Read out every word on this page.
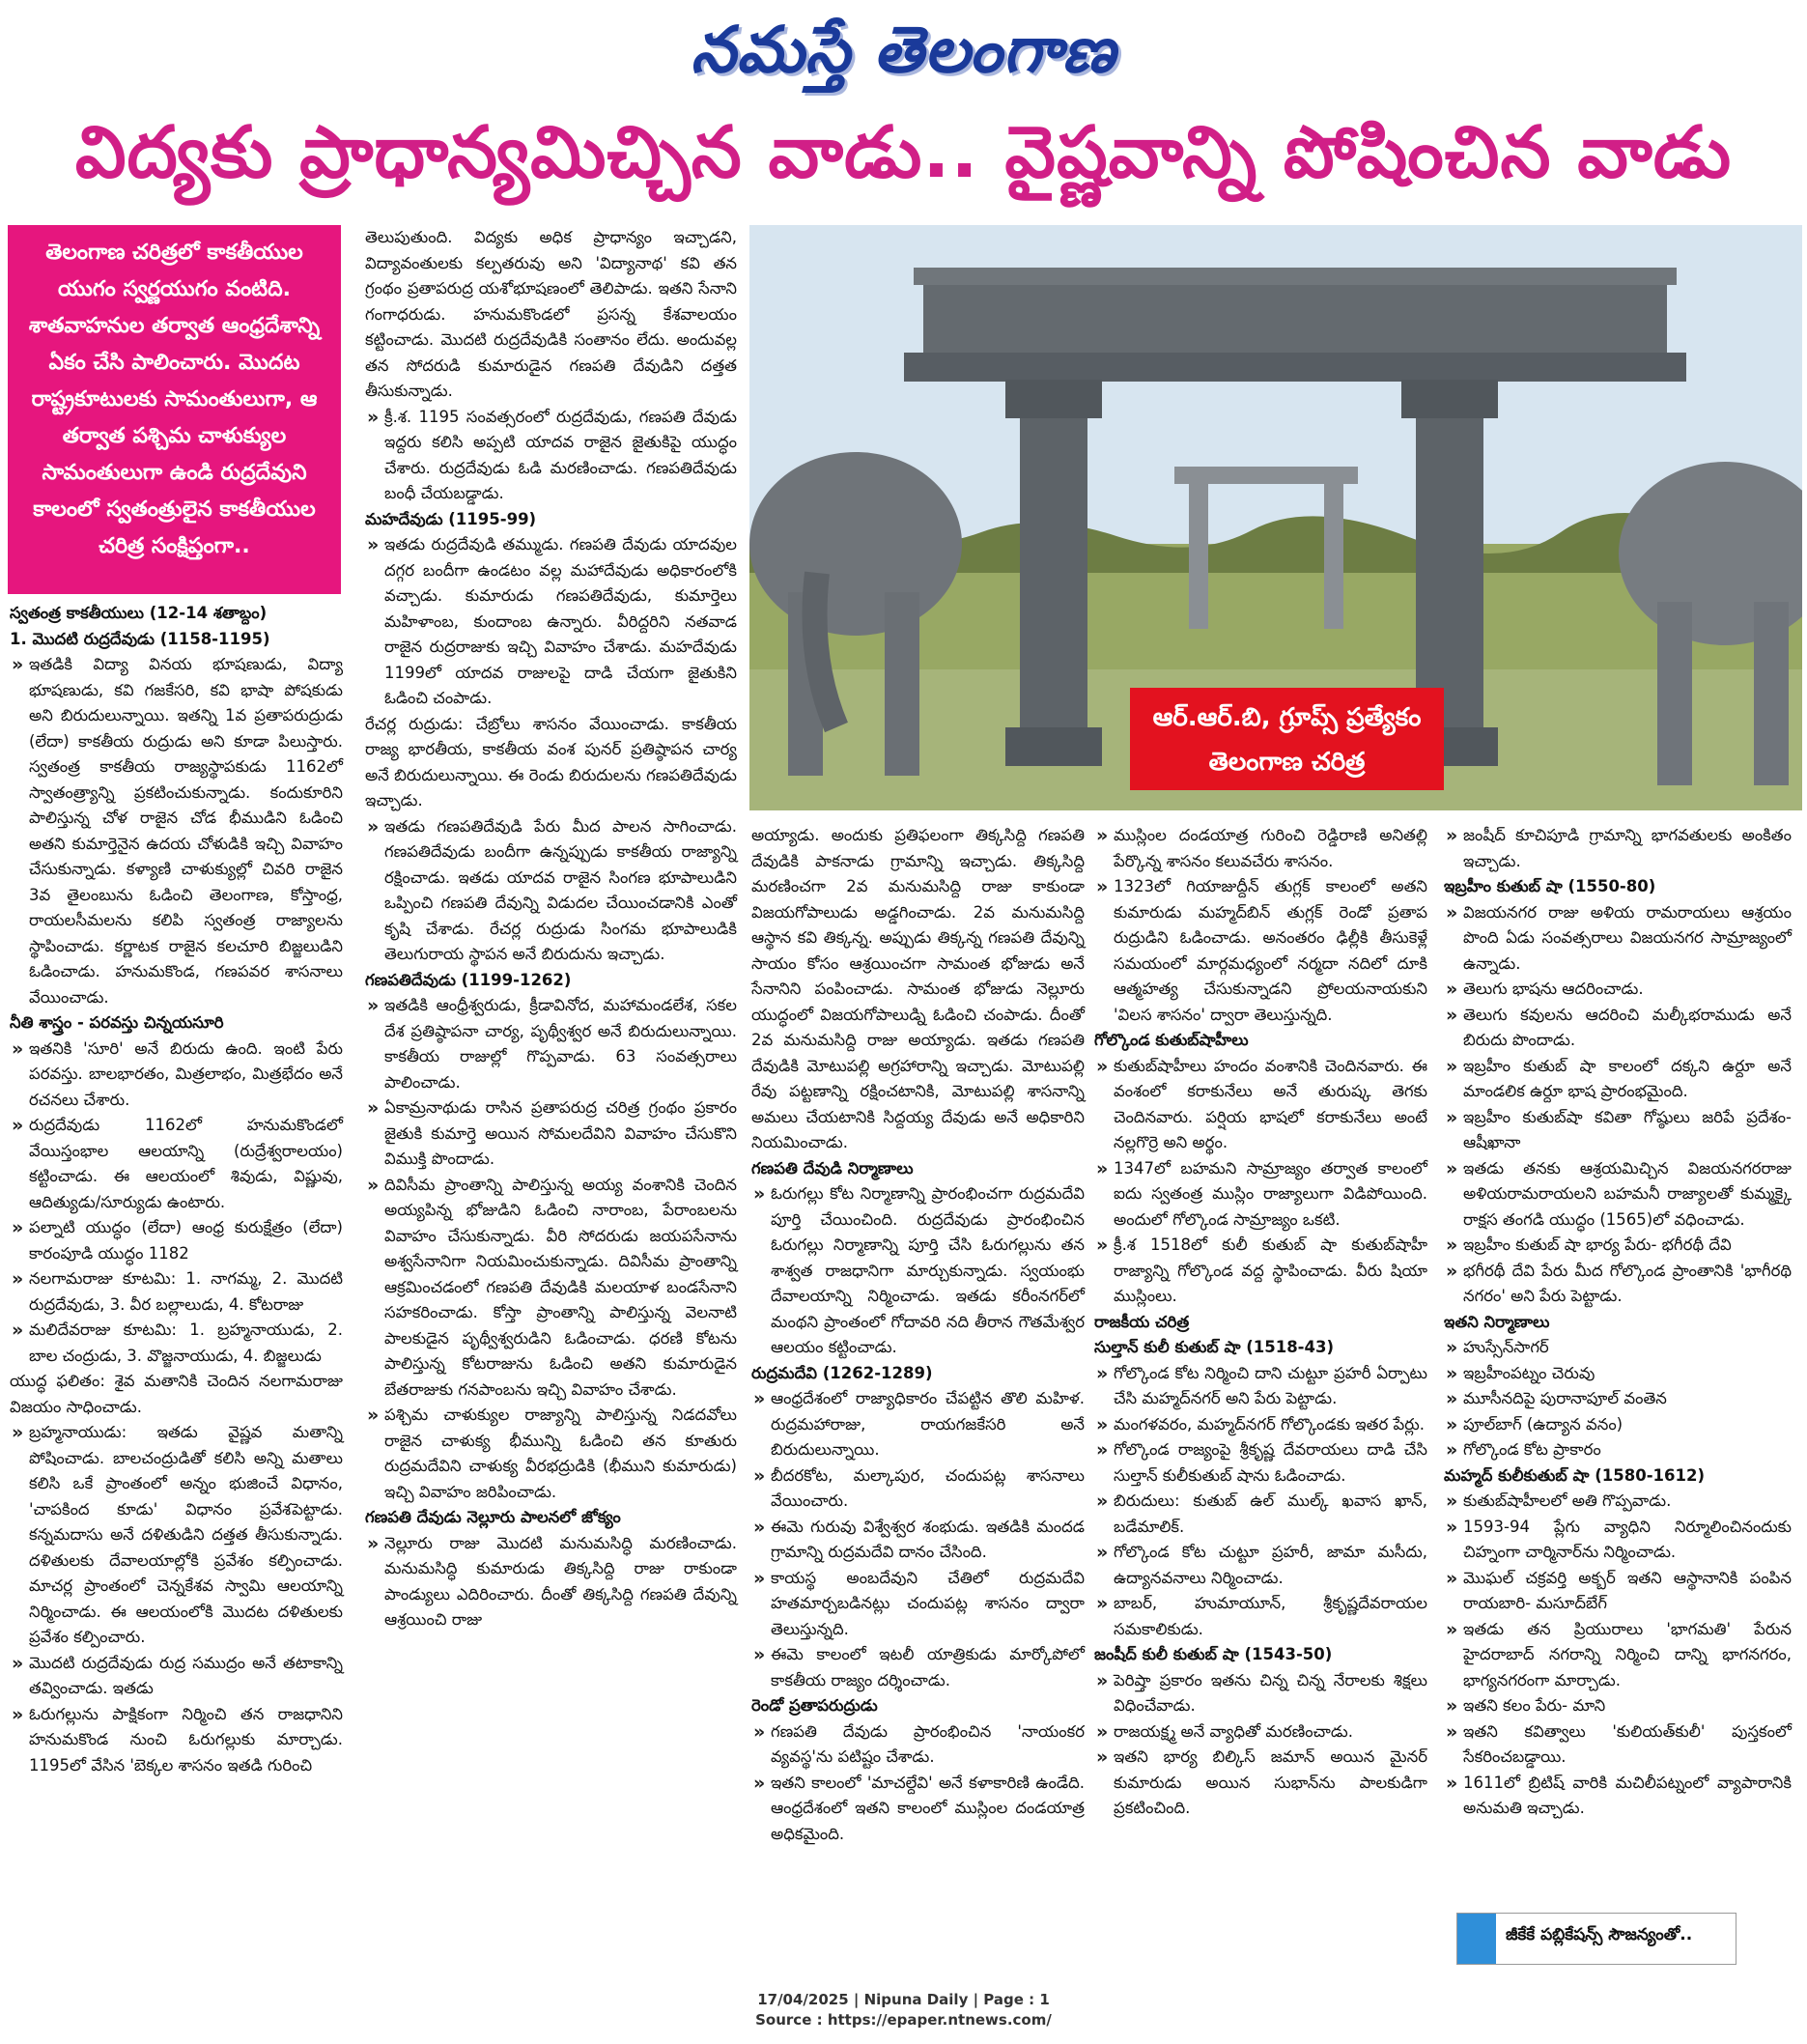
నమస్తే తెలంగాణ
విద్యకు ప్రాధాన్యమిచ్చిన వాడు.. వైష్ణవాన్ని పోషించిన వాడు
తెలంగాణ చరిత్రలో కాకతీయుల యుగం స్వర్ణయుగం వంటిది. శాతవాహనుల తర్వాత ఆంధ్రదేశాన్ని ఏకం చేసి పాలించారు. మొదట రాష్ట్రకూటులకు సామంతులుగా, ఆ తర్వాత పశ్చిమ చాళుక్యుల సామంతులుగా ఉండి రుద్రదేవుని కాలంలో స్వతంత్రులైన కాకతీయుల చరిత్ర సంక్షిప్తంగా..
ఆర్.ఆర్.బి, గ్రూప్స్ ప్రత్యేకం
తెలంగాణ చరిత్ర

స్వతంత్ర కాకతీయులు (12-14 శతాబ్దం)

1. మొదటి రుద్రదేవుడు (1158-1195)

» ఇతడికి విద్యా వినయ భూషణుడు, విద్యా భూషణుడు, కవి గజకేసరి, కవి భాషా పోషకుడు అని బిరుదులున్నాయి. ఇతన్ని 1వ ప్రతాపరుద్రుడు (లేదా) కాకతీయ రుద్రుడు అని కూడా పిలుస్తారు. స్వతంత్ర కాకతీయ రాజ్యస్థాపకుడు 1162లో స్వాతంత్ర్యాన్ని ప్రకటించుకున్నాడు. కందుకూరిని పాలిస్తున్న చోళ రాజైన చోడ భీముడిని ఓడించి అతని కుమార్తెనైన ఉదయ చోళుడికి ఇచ్చి వివాహం చేసుకున్నాడు. కళ్యాణి చాళుక్యుల్లో చివరి రాజైన 3వ తైలంబును ఓడించి తెలంగాణ, కోస్తాంధ్ర, రాయలసీమలను కలిపి స్వతంత్ర రాజ్యాలను స్థాపించాడు. కర్ణాటక రాజైన కలచూరి బిజ్జలుడిని ఓడించాడు. హనుమకొండ, గణపవర శాసనాలు వేయించాడు.

నీతి శాస్త్రం - పరవస్తు చిన్నయసూరి

» ఇతనికి 'సూరి' అనే బిరుదు ఉంది. ఇంటి పేరు పరవస్తు. బాలభారతం, మిత్రలాభం, మిత్రభేదం అనే రచనలు చేశారు.

» రుద్రదేవుడు 1162లో హనుమకొండలో వేయిస్తంభాల ఆలయాన్ని (రుద్రేశ్వరాలయం) కట్టించాడు. ఈ ఆలయంలో శివుడు, విష్ణువు, ఆదిత్యుడు/సూర్యుడు ఉంటారు.

» పల్నాటి యుద్ధం (లేదా) ఆంధ్ర కురుక్షేత్రం (లేదా) కారంపూడి యుద్ధం 1182

» నలగామరాజు కూటమి: 1. నాగమ్మ, 2. మొదటి రుద్రదేవుడు, 3. వీర బల్లాలుడు, 4. కోటరాజు

» మలిదేవరాజు కూటమి: 1. బ్రహ్మనాయుడు, 2. బాల చంద్రుడు, 3. వొజ్జనాయుడు, 4. బిజ్జలుడు

యుద్ధ ఫలితం: శైవ మతానికి చెందిన నలగామరాజు విజయం సాధించాడు.

» బ్రహ్మనాయుడు: ఇతడు వైష్ణవ మతాన్ని పోషించాడు. బాలచంద్రుడితో కలిసి అన్ని మతాలు కలిసి ఒకే ప్రాంతంలో అన్నం భుజించే విధానం, 'చాపకింద కూడు' విధానం ప్రవేశపెట్టాడు. కన్నమదాసు అనే దళితుడిని దత్తత తీసుకున్నాడు. దళితులకు దేవాలయాల్లోకి ప్రవేశం కల్పించాడు. మాచర్ల ప్రాంతంలో చెన్నకేశవ స్వామి ఆలయాన్ని నిర్మించాడు. ఈ ఆలయంలోకి మొదట దళితులకు ప్రవేశం కల్పించారు.

» మొదటి రుద్రదేవుడు రుద్ర సముద్రం అనే తటాకాన్ని తవ్వించాడు. ఇతడు

» ఓరుగల్లును పాక్షికంగా నిర్మించి తన రాజధానిని హనుమకొండ నుంచి ఓరుగల్లుకు మార్చాడు. 1195లో వేసిన 'బెక్కల శాసనం ఇతడి గురించి

తెలుపుతుంది. విద్యకు అధిక ప్రాధాన్యం ఇచ్చాడని, విద్యావంతులకు కల్పతరువు అని 'విద్యానాథ' కవి తన గ్రంథం ప్రతాపరుద్ర యశోభూషణంలో తెలిపాడు. ఇతని సేనాని గంగాధరుడు. హనుమకొండలో ప్రసన్న కేశవాలయం కట్టించాడు. మొదటి రుద్రదేవుడికి సంతానం లేదు. అందువల్ల తన సోదరుడి కుమారుడైన గణపతి దేవుడిని దత్తత తీసుకున్నాడు.

» క్రీ.శ. 1195 సంవత్సరంలో రుద్రదేవుడు, గణపతి దేవుడు ఇద్దరు కలిసి అప్పటి యాదవ రాజైన జైతుకిపై యుద్ధం చేశారు. రుద్రదేవుడు ఓడి మరణించాడు. గణపతిదేవుడు బంధీ చేయబడ్డాడు.

మహదేవుడు (1195-99)

» ఇతడు రుద్రదేవుడి తమ్ముడు. గణపతి దేవుడు యాదవుల దగ్గర బందీగా ఉండటం వల్ల మహాదేవుడు అధికారంలోకి వచ్చాడు. కుమారుడు గణపతిదేవుడు, కుమార్తెలు మహిళాంబ, కుందాంబ ఉన్నారు. వీరిద్దరిని నతవాడ రాజైన రుద్రరాజుకు ఇచ్చి వివాహం చేశాడు. మహదేవుడు 1199లో యాదవ రాజులపై దాడి చేయగా జైతుకిని ఓడించి చంపాడు.

రేచర్ల రుద్రుడు: చేబ్రోలు శాసనం వేయించాడు. కాకతీయ రాజ్య భారతీయ, కాకతీయ వంశ పునర్ ప్రతిష్ఠాపన చార్య అనే బిరుదులున్నాయి. ఈ రెండు బిరుదులను గణపతిదేవుడు ఇచ్చాడు.

» ఇతడు గణపతిదేవుడి పేరు మీద పాలన సాగించాడు. గణపతిదేవుడు బందీగా ఉన్నప్పుడు కాకతీయ రాజ్యాన్ని రక్షించాడు. ఇతడు యాదవ రాజైన సింగణ భూపాలుడిని ఒప్పించి గణపతి దేవున్ని విడుదల చేయించడానికి ఎంతో కృషి చేశాడు. రేచర్ల రుద్రుడు సింగమ భూపాలుడికి తెలుగురాయ స్థాపన అనే బిరుదును ఇచ్చాడు.

గణపతిదేవుడు (1199-1262)

» ఇతడికి ఆంధ్రీశ్వరుడు, క్రీడావినోద, మహామండలేశ, సకల దేశ ప్రతిష్ఠాపనా చార్య, పృథ్వీశ్వర అనే బిరుదులున్నాయి. కాకతీయ రాజుల్లో గొప్పవాడు. 63 సంవత్సరాలు పాలించాడు.

» ఏకామ్రనాథుడు రాసిన ప్రతాపరుద్ర చరిత్ర గ్రంథం ప్రకారం జైతుకి కుమార్తె అయిన సోమలదేవిని వివాహం చేసుకొని విముక్తి పొందాడు.

» దివిసీమ ప్రాంతాన్ని పాలిస్తున్న అయ్య వంశానికి చెందిన అయ్యపిన్న భోజుడిని ఓడించి నారాంబ, పేరాంబలను వివాహం చేసుకున్నాడు. వీరి సోదరుడు జయపసేనాను అశ్వసేనానిగా నియమించుకున్నాడు. దివిసీమ ప్రాంతాన్ని ఆక్రమించడంలో గణపతి దేవుడికి మలయాళ బండసేనాని సహకరించాడు. కోస్తా ప్రాంతాన్ని పాలిస్తున్న వెలనాటి పాలకుడైన పృథ్వీశ్వరుడిని ఓడించాడు. ధరణి కోటను పాలిస్తున్న కోటరాజును ఓడించి అతని కుమారుడైన బేతరాజుకు గనపాంబను ఇచ్చి వివాహం చేశాడు.

» పశ్చిమ చాళుక్యుల రాజ్యాన్ని పాలిస్తున్న నిడదవోలు రాజైన చాళుక్య భీమున్ని ఓడించి తన కూతురు రుద్రమదేవిని చాళుక్య వీరభద్రుడికి (భీముని కుమారుడు) ఇచ్చి వివాహం జరిపించాడు.

గణపతి దేవుడు నెల్లూరు పాలనలో జోక్యం

» నెల్లూరు రాజు మొదటి మనుమసిద్ధి మరణించాడు. మనుమసిద్ధి కుమారుడు తిక్కసిద్ది రాజు రాకుండా పాండ్యులు ఎదిరించారు. దీంతో తిక్కసిద్ది గణపతి దేవున్ని ఆశ్రయించి రాజు

అయ్యాడు. అందుకు ప్రతిఫలంగా తిక్కసిద్ది గణపతి దేవుడికి పాకనాడు గ్రామాన్ని ఇచ్చాడు. తిక్కసిద్ది మరణించగా 2వ మనుమసిద్ది రాజు కాకుండా విజయగోపాలుడు అడ్డగించాడు. 2వ మనుమసిద్ది ఆస్థాన కవి తిక్కన్న. అప్పుడు తిక్కన్న గణపతి దేవున్ని సాయం కోసం ఆశ్రయించగా సామంత భోజుడు అనే సేనానిని పంపించాడు. సామంత భోజుడు నెల్లూరు యుద్ధంలో విజయగోపాలుడ్ని ఓడించి చంపాడు. దీంతో 2వ మనుమసిద్ది రాజు అయ్యాడు. ఇతడు గణపతి దేవుడికి మోటుపల్లి అగ్రహారాన్ని ఇచ్చాడు. మోటుపల్లి రేవు పట్టణాన్ని రక్షించటానికి, మోటుపల్లి శాసనాన్ని అమలు చేయటానికి సిద్దయ్య దేవుడు అనే అధికారిని నియమించాడు.

గణపతి దేవుడి నిర్మాణాలు

» ఓరుగల్లు కోట నిర్మాణాన్ని ప్రారంభించగా రుద్రమదేవి పూర్తి చేయించింది. రుద్రదేవుడు ప్రారంభించిన ఓరుగల్లు నిర్మాణాన్ని పూర్తి చేసి ఓరుగల్లును తన శాశ్వత రాజధానిగా మార్చుకున్నాడు. స్వయంభు దేవాలయాన్ని నిర్మించాడు. ఇతడు కరీంనగర్‌లో మంథని ప్రాంతంలో గోదావరి నది తీరాన గౌతమేశ్వర ఆలయం కట్టించాడు.

రుద్రమదేవి (1262-1289)

» ఆంధ్రదేశంలో రాజ్యాధికారం చేపట్టిన తొలి మహిళ. రుద్రమహారాజు, రాయగజకేసరి అనే బిరుదులున్నాయి.

» బీదరకోట, మల్కాపుర, చందుపట్ల శాసనాలు వేయించారు.

» ఈమె గురువు విశ్వేశ్వర శంభుడు. ఇతడికి మందడ గ్రామాన్ని రుద్రమదేవి దానం చేసింది.

» కాయస్థ అంబదేవుని చేతిలో రుద్రమదేవి హతమార్చబడినట్లు చందుపట్ల శాసనం ద్వారా తెలుస్తున్నది.

» ఈమె కాలంలో ఇటలీ యాత్రికుడు మార్కోపోలో కాకతీయ రాజ్యం దర్శించాడు.

రెండో ప్రతాపరుద్రుడు

» గణపతి దేవుడు ప్రారంభించిన 'నాయంకర వ్యవస్థ'ను పటిష్టం చేశాడు.

» ఇతని కాలంలో 'మాచల్దేవి' అనే కళాకారిణి ఉండేది. ఆంధ్రదేశంలో ఇతని కాలంలో ముస్లింల దండయాత్ర అధికమైంది.

» ముస్లింల దండయాత్ర గురించి రెడ్డిరాణి అనితల్లి పేర్కొన్న శాసనం కలువచేరు శాసనం.

» 1323లో గియాజుద్దీన్ తుగ్లక్ కాలంలో అతని కుమారుడు మహ్మద్‌బిన్ తుగ్లక్ రెండో ప్రతాప రుద్రుడిని ఓడించాడు. అనంతరం ఢిల్లీకి తీసుకెళ్లే సమయంలో మార్గమధ్యంలో నర్మదా నదిలో దూకి ఆత్మహత్య చేసుకున్నాడని ప్రోలయనాయకుని 'విలస శాసనం' ద్వారా తెలుస్తున్నది.

గోల్కొండ కుతుబ్‌షాహీలు

» కుతుబ్‌షాహీలు హందం వంశానికి చెందినవారు. ఈ వంశంలో కరాకునేలు అనే తురుష్క తెగకు చెందినవారు. పర్షియ భాషలో కరాకునేలు అంటే నల్లగొర్రె అని అర్థం.

» 1347లో బహమని సామ్రాజ్యం తర్వాత కాలంలో ఐదు స్వతంత్ర ముస్లిం రాజ్యాలుగా విడిపోయింది. అందులో గోల్కొండ సామ్రాజ్యం ఒకటి.

» క్రీ.శ 1518లో కులీ కుతుబ్ షా కుతుబ్‌షాహీ రాజ్యాన్ని గోల్కొండ వద్ద స్థాపించాడు. వీరు షియా ముస్లింలు.

రాజకీయ చరిత్ర

సుల్తాన్ కులీ కుతుబ్ షా (1518-43)

» గోల్కొండ కోట నిర్మించి దాని చుట్టూ ప్రహరీ ఏర్పాటు చేసి మహ్మద్‌నగర్ అని పేరు పెట్టాడు.

» మంగళవరం, మహ్మద్‌నగర్ గోల్కొండకు ఇతర పేర్లు.

» గోల్కొండ రాజ్యంపై శ్రీకృష్ణ దేవరాయలు దాడి చేసి సుల్తాన్ కులీకుతుబ్ షాను ఓడించాడు.

» బిరుదులు: కుతుబ్ ఉల్ ముల్క్ ఖవాస ఖాన్, బడేమాలిక్.

» గోల్కొండ కోట చుట్టూ ప్రహరీ, జామా మసీదు, ఉద్యానవనాలు నిర్మించాడు.

» బాబర్, హుమాయూన్, శ్రీకృష్ణదేవరాయల సమకాలికుడు.

జంషీద్ కులీ కుతుబ్ షా (1543-50)

» పెరిష్తా ప్రకారం ఇతను చిన్న చిన్న నేరాలకు శిక్షలు విధించేవాడు.

» రాజయక్ష్మ అనే వ్యాధితో మరణించాడు.

» ఇతని భార్య బిల్కిస్ జమాన్ అయిన మైనర్ కుమారుడు అయిన సుభాన్‌ను పాలకుడిగా ప్రకటించింది.

» జంషీద్ కూచిపూడి గ్రామాన్ని భాగవతులకు అంకితం ఇచ్చాడు.

ఇబ్రహీం కుతుబ్ షా (1550-80)

» విజయనగర రాజు అళియ రామరాయలు ఆశ్రయం పొంది ఏడు సంవత్సరాలు విజయనగర సామ్రాజ్యంలో ఉన్నాడు.

» తెలుగు భాషను ఆదరించాడు.

» తెలుగు కవులను ఆదరించి మల్కీభరాముడు అనే బిరుదు పొందాడు.

» ఇబ్రహీం కుతుబ్ షా కాలంలో దక్కని ఉర్దూ అనే మాండలిక ఉర్దూ భాష ప్రారంభమైంది.

» ఇబ్రహీం కుతుబ్‌షా కవితా గోష్ఠులు జరిపే ప్రదేశం- ఆషీఖానా

» ఇతడు తనకు ఆశ్రయమిచ్చిన విజయనగరరాజు అళియరామరాయలని బహమనీ రాజ్యాలతో కుమ్మక్కై రాక్షస తంగడి యుద్ధం (1565)లో వధించాడు.

» ఇబ్రహీం కుతుబ్ షా భార్య పేరు- భగీరథీ దేవి

» భగీరథీ దేవి పేరు మీద గోల్కొండ ప్రాంతానికి 'భాగీరథి నగరం' అని పేరు పెట్టాడు.

ఇతని నిర్మాణాలు

» హుస్సేన్‌సాగర్

» ఇబ్రహీంపట్నం చెరువు

» మూసీనదిపై పురానాపూల్ వంతెన

» పూల్‌బాగ్ (ఉద్యాన వనం)

» గోల్కొండ కోట ప్రాకారం

మహ్మద్ కులీకుతుబ్ షా (1580-1612)

» కుతుబ్‌షాహీలలో అతి గొప్పవాడు.

» 1593-94 ప్లేగు వ్యాధిని నిర్మూలించినందుకు చిహ్నంగా చార్మినార్‌ను నిర్మించాడు.

» మొఘల్ చక్రవర్తి అక్బర్ ఇతని ఆస్థానానికి పంపిన రాయబారి- మసూద్‌బేగ్

» ఇతడు తన ప్రియురాలు 'భాగమతి' పేరున హైదరాబాద్ నగరాన్ని నిర్మించి దాన్ని భాగనగరం, భాగ్యనగరంగా మార్చాడు.

» ఇతని కలం పేరు- మాని

» ఇతని కవిత్వాలు 'కులియత్‌కులీ' పుస్తకంలో సేకరించబడ్డాయి.

» 1611లో బ్రిటిష్ వారికి మచిలీపట్నంలో వ్యాపారానికి అనుమతి ఇచ్చాడు.

జీకేకే పబ్లికేషన్స్ సౌజన్యంతో..
17/04/2025 | Nipuna Daily | Page : 1
Source : https://epaper.ntnews.com/
